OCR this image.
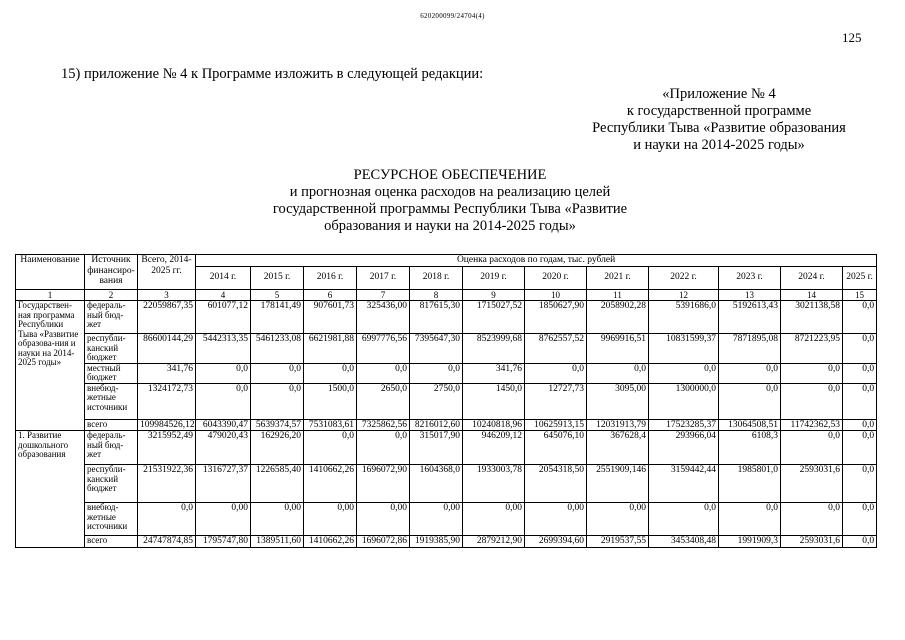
620200099/24704(4)
125
15) приложение № 4 к Программе изложить в следующей редакции:
«Приложение № 4
к государственной программе
Республики Тыва «Развитие образования
и науки на 2014-2025 годы»
РЕСУРСНОЕ ОБЕСПЕЧЕНИЕ
и прогнозная оценка расходов на реализацию целей
государственной программы Республики Тыва «Развитие
образования и науки на 2014-2025 годы»
Наименование	Источник финансиро-вания	Всего, 2014-2025 гг.	Оценка расходов по годам, тыс. рублей											
			2014 г.	2015 г.	2016 г.	2017 г.	2018 г.	2019 г.	2020 г.	2021 г.	2022 г.	2023 г.	2024 г.	2025 г.
1	2	3	4	5	6	7	8	9	10	11	12	13	14	15
Государствен-ная программа Республики Тыва «Развитие образова-ния и науки на 2014-2025 годы»	федераль-ный бюд-жет	22059867,35	601077,12	178141,49	907601,73	325436,00	817615,30	1715027,52	1850627,90	2058902,28	5391686,0	5192613,43	3021138,58	0,0
	республи-канский бюджет	86600144,29	5442313,35	5461233,08	6621981,88	6997776,56	7395647,30	8523999,68	8762557,52	9969916,51	10831599,37	7871895,08	8721223,95	0,0
	местный бюджет	341,76	0,0	0,0	0,0	0,0	0,0	341,76	0,0	0,0	0,0	0,0	0,0	0,0
	внебюд-жетные источники	1324172,73	0,0	0,0	1500,0	2650,0	2750,0	1450,0	12727,73	3095,00	1300000,0	0,0	0,0	0,0
	всего	109984526,12	6043390,47	5639374,57	7531083,61	7325862,56	8216012,60	10240818,96	10625913,15	12031913,79	17523285,37	13064508,51	11742362,53	0,0
1. Развитие дошкольного образования	федераль-ный бюд-жет	3215952,49	479020,43	162926,20	0,0	0,0	315017,90	946209,12	645076,10	367628,4	293966,04	6108,3	0,0	0,0
	республи-канский бюджет	21531922,36	1316727,37	1226585,40	1410662,26	1696072,90	1604368,0	1933003,78	2054318,50	2551909,146	3159442,44	1985801,0	2593031,6	0,0
	внебюд-жетные источники	0,0	0,00	0,00	0,00	0,00	0,00	0,00	0,00	0,00	0,0	0,0	0,0	0,0
	всего	24747874,85	1795747,80	1389511,60	1410662,26	1696072,86	1919385,90	2879212,90	2699394,60	2919537,55	3453408,48	1991909,3	2593031,6	0,0
